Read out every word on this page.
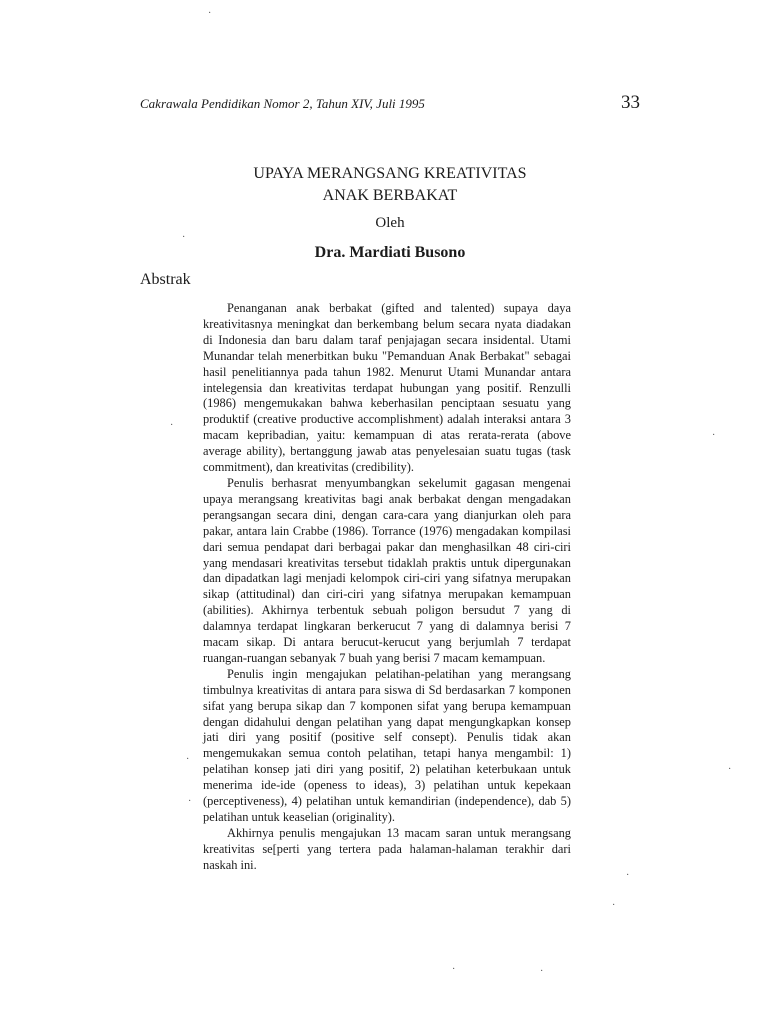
Cakrawala Pendidikan Nomor 2, Tahun XIV, Juli 1995	33
UPAYA MERANGSANG KREATIVITAS
ANAK BERBAKAT
Oleh
Dra. Mardiati Busono
Abstrak

Penanganan anak berbakat (gifted and talented) supaya daya kreativitasnya meningkat dan berkembang belum secara nyata diadakan di Indonesia dan baru dalam taraf penjajagan secara insidental. Utami Munandar telah menerbitkan buku "Pemanduan Anak Berbakat" sebagai hasil penelitiannya pada tahun 1982. Menurut Utami Munandar antara intelegensia dan kreativitas terdapat hubungan yang positif. Renzulli (1986) mengemukakan bahwa keberhasilan penciptaan sesuatu yang produktif (creative productive accomplishment) adalah interaksi antara 3 macam kepribadian, yaitu: kemampuan di atas rerata-rerata (above average ability), bertanggung jawab atas penyelesaian suatu tugas (task commitment), dan kreativitas (credibility).

Penulis berhasrat menyumbangkan sekelumit gagasan mengenai upaya merangsang kreativitas bagi anak berbakat dengan mengadakan perangsangan secara dini, dengan cara-cara yang dianjurkan oleh para pakar, antara lain Crabbe (1986). Torrance (1976) mengadakan kompilasi dari semua pendapat dari berbagai pakar dan menghasilkan 48 ciri-ciri yang mendasari kreativitas tersebut tidaklah praktis untuk dipergunakan dan dipadatkan lagi menjadi kelompok ciri-ciri yang sifatnya merupakan sikap (attitudinal) dan ciri-ciri yang sifatnya merupakan kemampuan (abilities). Akhirnya terbentuk sebuah poligon bersudut 7 yang di dalamnya terdapat lingkaran berkerucut 7 yang di dalamnya berisi 7 macam sikap. Di antara berucut-kerucut yang berjumlah 7 terdapat ruangan-ruangan sebanyak 7 buah yang berisi 7 macam kemampuan.

Penulis ingin mengajukan pelatihan-pelatihan yang merangsang timbulnya kreativitas di antara para siswa di Sd berdasarkan 7 komponen sifat yang berupa sikap dan 7 komponen sifat yang berupa kemampuan dengan didahului dengan pelatihan yang dapat mengungkapkan konsep jati diri yang positif (positive self consept). Penulis tidak akan mengemukakan semua contoh pelatihan, tetapi hanya mengambil: 1) pelatihan konsep jati diri yang positif, 2) pelatihan keterbukaan untuk menerima ide-ide (openess to ideas), 3) pelatihan untuk kepekaan (perceptiveness), 4) pelatihan untuk kemandirian (independence), dab 5) pelatihan untuk keaselian (originality).

Akhirnya penulis mengajukan 13 macam saran untuk merangsang kreativitas se[perti yang tertera pada halaman-halaman terakhir dari naskah ini.

·
·
·
·
·
·
·
·
·	·
·
